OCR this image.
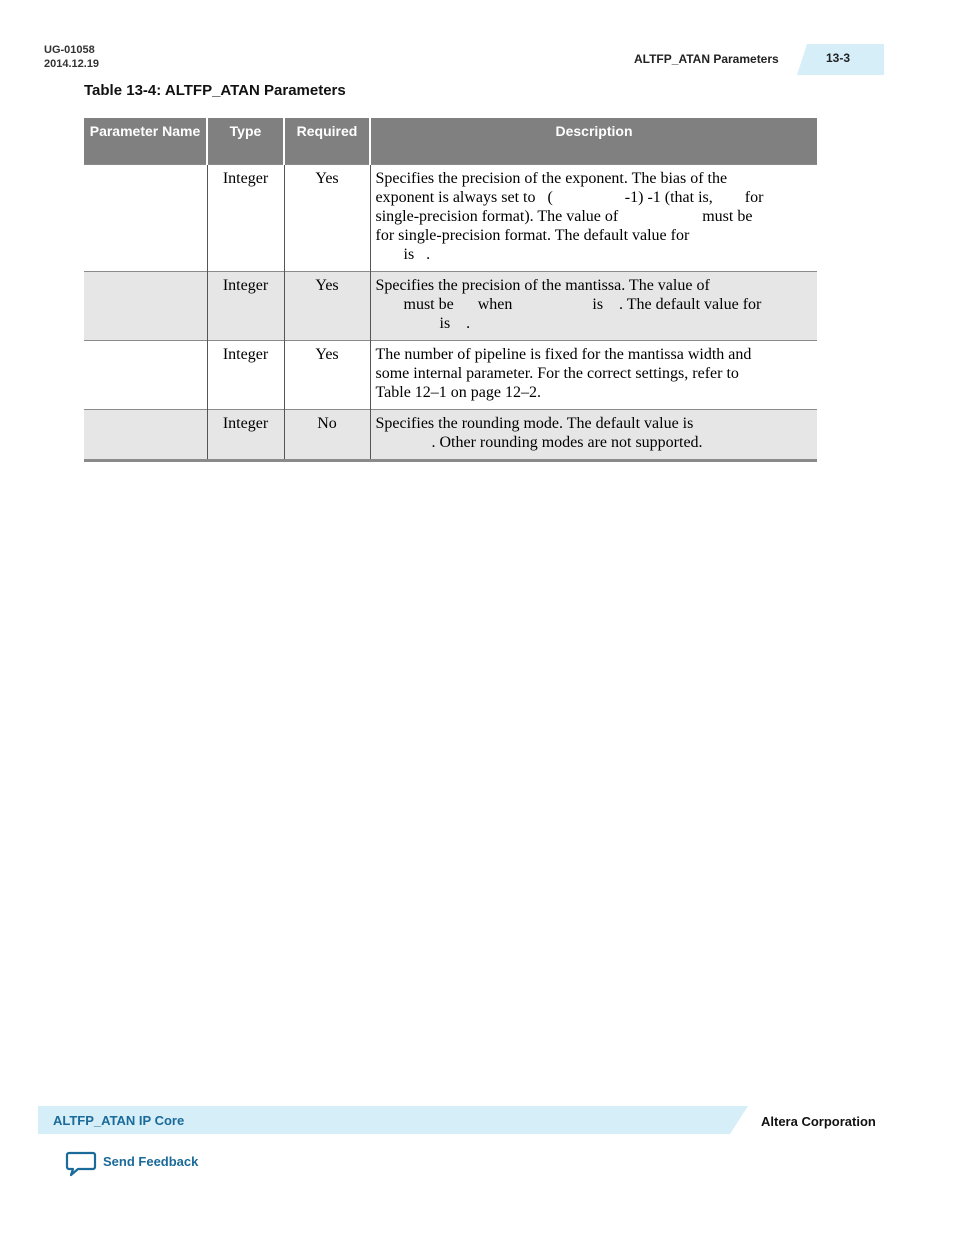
UG-01058
2014.12.19	ALTFP_ATAN Parameters	13-3
Table 13-4: ALTFP_ATAN Parameters
Parameter Name	Type	Required	Description
	Integer	Yes	Specifies the precision of the exponent. The bias of the
exponent is always set to   (                  -1) -1 (that is,        for
single-precision format). The value of                     must be
for single-precision format. The default value for
is   .

	Integer	Yes	Specifies the precision of the mantissa. The value of
must be      when                    is    . The default value for
is    .

	Integer	Yes	The number of pipeline is fixed for the mantissa width and
some internal parameter. For the correct settings, refer to
Table 12–1 on page 12–2.

	Integer	No	Specifies the rounding mode. The default value is
. Other rounding modes are not supported.
ALTFP_ATAN IP Core	Altera Corporation
Send Feedback
